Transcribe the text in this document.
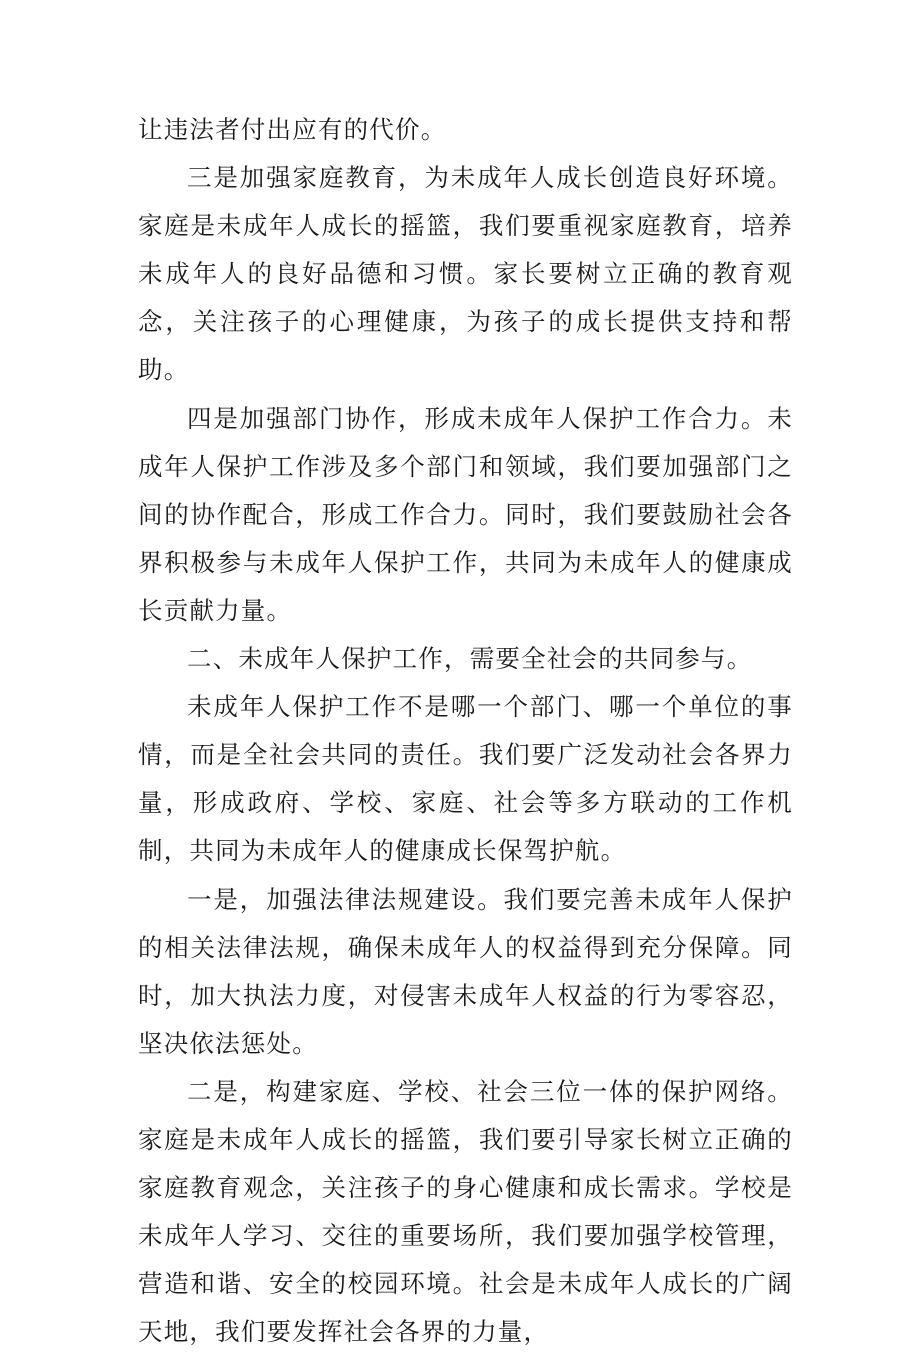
让违法者付出应有的代价。

三是加强家庭教育，为未成年人成长创造良好环境。家庭是未成年人成长的摇篮，我们要重视家庭教育，培养未成年人的良好品德和习惯。家长要树立正确的教育观念，关注孩子的心理健康，为孩子的成长提供支持和帮助。

四是加强部门协作，形成未成年人保护工作合力。未成年人保护工作涉及多个部门和领域，我们要加强部门之间的协作配合，形成工作合力。同时，我们要鼓励社会各界积极参与未成年人保护工作，共同为未成年人的健康成长贡献力量。

二、未成年人保护工作，需要全社会的共同参与。

未成年人保护工作不是哪一个部门、哪一个单位的事情，而是全社会共同的责任。我们要广泛发动社会各界力量，形成政府、学校、家庭、社会等多方联动的工作机制，共同为未成年人的健康成长保驾护航。

一是，加强法律法规建设。我们要完善未成年人保护的相关法律法规，确保未成年人的权益得到充分保障。同时，加大执法力度，对侵害未成年人权益的行为零容忍，坚决依法惩处。

二是，构建家庭、学校、社会三位一体的保护网络。家庭是未成年人成长的摇篮，我们要引导家长树立正确的家庭教育观念，关注孩子的身心健康和成长需求。学校是未成年人学习、交往的重要场所，我们要加强学校管理，营造和谐、安全的校园环境。社会是未成年人成长的广阔天地，我们要发挥社会各界的力量，
